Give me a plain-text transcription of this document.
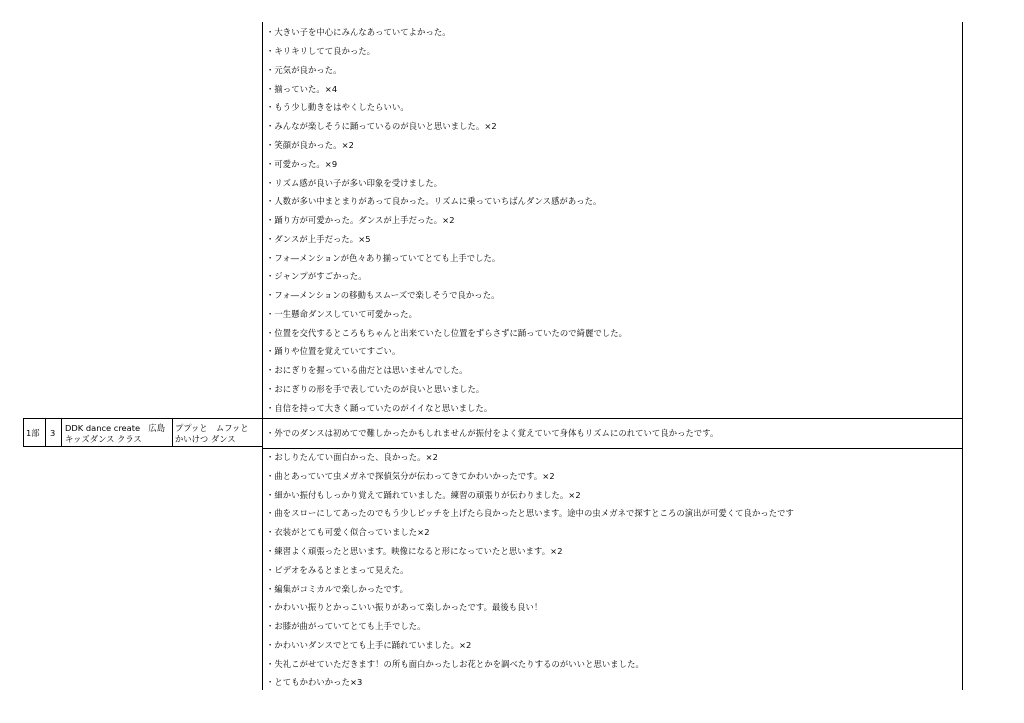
・大きい子を中心にみんなあっていてよかった。
・キリキリしてて良かった。
・元気が良かった。
・揃っていた。×4
・もう少し動きをはやくしたらいい。
・みんなが楽しそうに踊っているのが良いと思いました。×2
・笑顔が良かった。×2
・可愛かった。×9
・リズム感が良い子が多い印象を受けました。
・人数が多い中まとまりがあって良かった。リズムに乗っていちばんダンス感があった。
・踊り方が可愛かった。ダンスが上手だった。×2
・ダンスが上手だった。×5
・フォ―メンションが色々あり揃っていてとても上手でした。
・ジャンプがすごかった。
・フォ―メンションの移動もスムーズで楽しそうで良かった。
・一生懸命ダンスしていて可愛かった。
・位置を交代するところもちゃんと出来ていたし位置をずらさずに踊っていたので綺麗でした。
・踊りや位置を覚えていてすごい。
・おにぎりを握っている曲だとは思いませんでした。
・おにぎりの形を手で表していたのが良いと思いました。
・自信を持って大きく踊っていたのがイイなと思いました。
1部 3 DDK dance create　広島
キッズダンス クラス
ププッと　ムフッと
かいけつ ダンス
・外でのダンスは初めてで難しかったかもしれませんが振付をよく覚えていて身体もリズムにのれていて良かったです。
・おしりたんてい面白かった、良かった。×2
・曲とあっていて虫メガネで探偵気分が伝わってきてかわいかったです。×2
・細かい振付もしっかり覚えて踊れていました。練習の頑張りが伝わりました。×2
・曲をスローにしてあったのでもう少しピッチを上げたら良かったと思います。途中の虫メガネで探すところの演出が可愛くて良かったです
・衣装がとても可愛く似合っていました×2
・練習よく頑張ったと思います。映像になると形になっていたと思います。×2
・ビデオをみるとまとまって見えた。
・編集がコミカルで楽しかったです。
・かわいい振りとかっこいい振りがあって楽しかったです。最後も良い！
・お膝が曲がっていてとても上手でした。
・かわいいダンスでとても上手に踊れていました。×2
・失礼こがせていただきます！の所も面白かったしお花とかを調べたりするのがいいと思いました。
・とてもかわいかった×3
